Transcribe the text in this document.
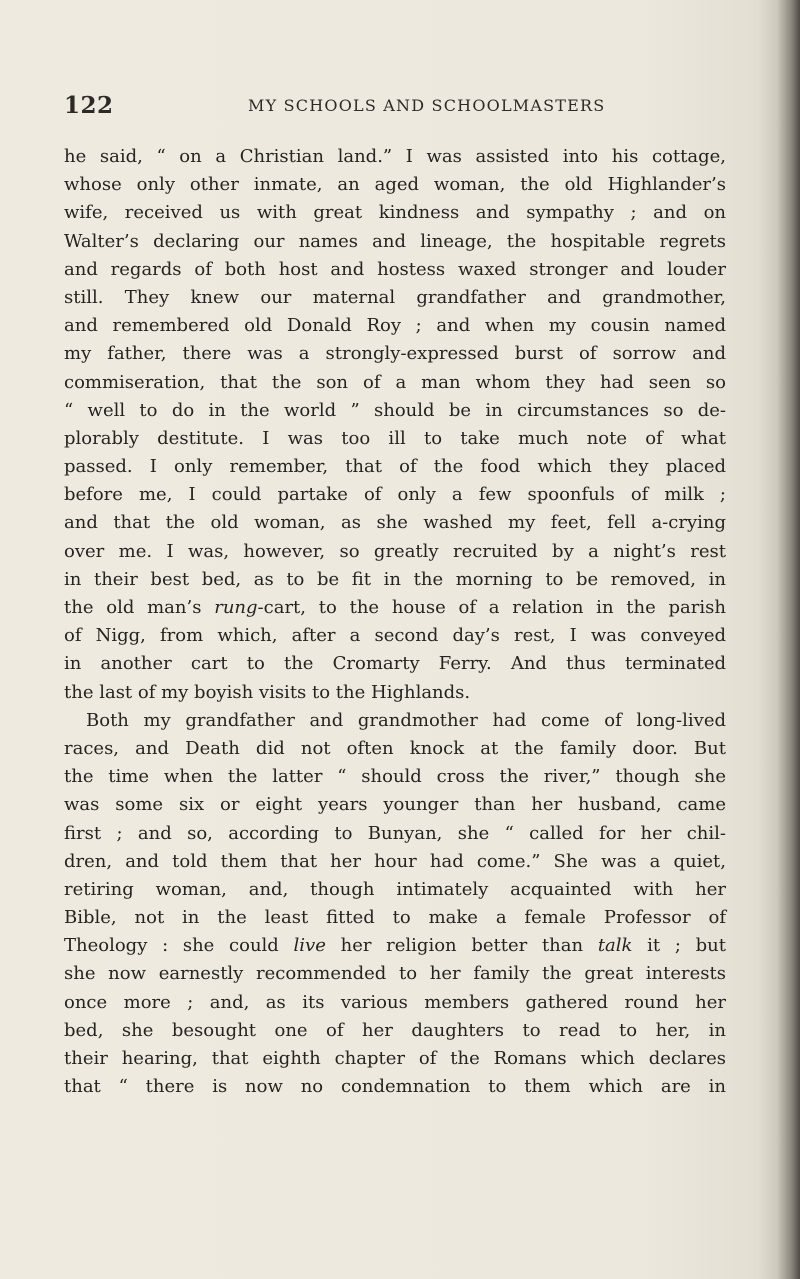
122	MY SCHOOLS AND SCHOOLMASTERS
he said, “ on a Christian land.” I was assisted into his cottage,
whose only other inmate, an aged woman, the old Highlander’s
wife, received us with great kindness and sympathy ; and on
Walter’s declaring our names and lineage, the hospitable regrets
and regards of both host and hostess waxed stronger and louder
still. They knew our maternal grandfather and grandmother,
and remembered old Donald Roy ; and when my cousin named
my father, there was a strongly-expressed burst of sorrow and
commiseration, that the son of a man whom they had seen so
“ well to do in the world ” should be in circumstances so de-
plorably destitute. I was too ill to take much note of what
passed. I only remember, that of the food which they placed
before me, I could partake of only a few spoonfuls of milk ;
and that the old woman, as she washed my feet, fell a-crying
over me. I was, however, so greatly recruited by a night’s rest
in their best bed, as to be fit in the morning to be removed, in
the old man’s rung-cart, to the house of a relation in the parish
of Nigg, from which, after a second day’s rest, I was conveyed
in another cart to the Cromarty Ferry. And thus terminated
the last of my boyish visits to the Highlands.
Both my grandfather and grandmother had come of long-lived
races, and Death did not often knock at the family door. But
the time when the latter “ should cross the river,” though she
was some six or eight years younger than her husband, came
first ; and so, according to Bunyan, she “ called for her chil-
dren, and told them that her hour had come.” She was a quiet,
retiring woman, and, though intimately acquainted with her
Bible, not in the least fitted to make a female Professor of
Theology : she could live her religion better than talk it ; but
she now earnestly recommended to her family the great interests
once more ; and, as its various members gathered round her
bed, she besought one of her daughters to read to her, in
their hearing, that eighth chapter of the Romans which declares
that “ there is now no condemnation to them which are in
